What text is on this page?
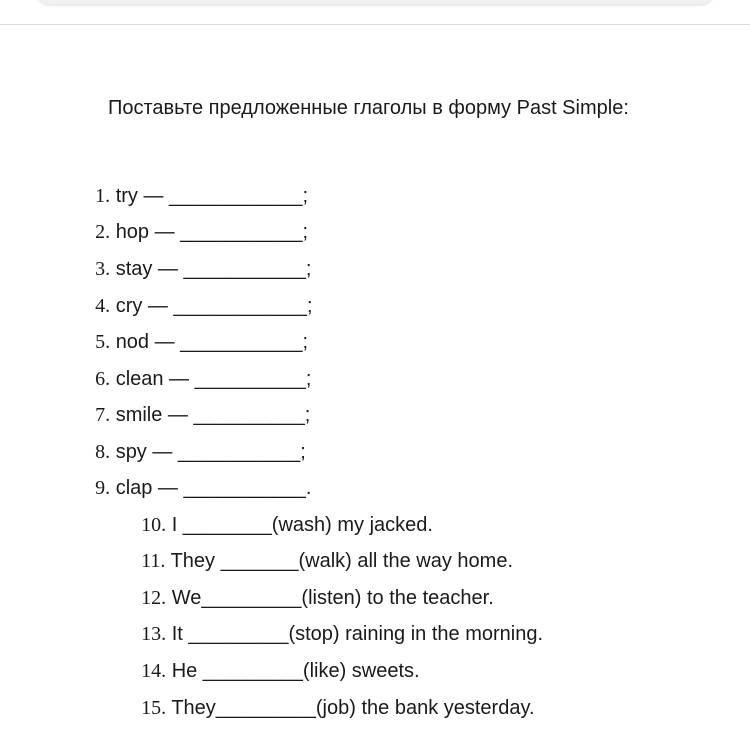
Поставьте предложенные глаголы в форму Past Simple:

1. try — ____________;

2. hop — ___________;

3. stay — ___________;

4. cry — ____________;

5. nod — ___________;

6. clean — __________;

7. smile — __________;

8. spy — ___________;

9. clap — ___________.

10. I ________(wash) my jacked.

11. They _______(walk) all the way home.

12. We_________(listen) to the teacher.

13. It _________(stop) raining in the morning.

14. He _________(like) sweets.

15. They_________(job) the bank yesterday.
